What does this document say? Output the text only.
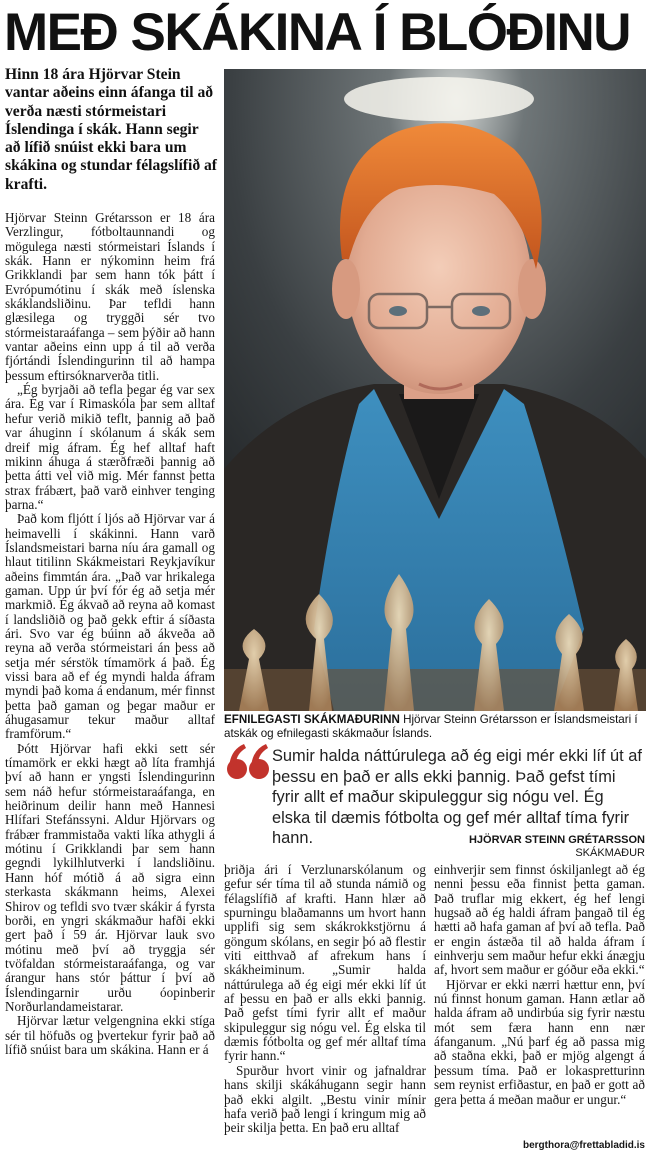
MEÐ SKÁKINA Í BLÓÐINU
Hinn 18 ára Hjörvar Stein vantar aðeins einn áfanga til að verða næsti stórmeistari Íslendinga í skák. Hann segir að lífið snúist ekki bara um skákina og stundar félagslífið af krafti.

Hjörvar Steinn Grétarsson er 18 ára Verzlingur, fótboltaunnandi og mögulega næsti stórmeistari Íslands í skák. Hann er nýkominn heim frá Grikklandi þar sem hann tók þátt í Evrópumótinu í skák með íslenska skáklandsliðinu. Þar tefldi hann glæsilega og tryggði sér tvo stórmeistaraáfanga – sem þýðir að hann vantar aðeins einn upp á til að verða fjórtándi Íslendingurinn til að hampa þessum eftirsóknarverða titli.

„Ég byrjaði að tefla þegar ég var sex ára. Ég var í Rimaskóla þar sem alltaf hefur verið mikið teflt, þannig að það var áhuginn í skólanum á skák sem dreif mig áfram. Ég hef alltaf haft mikinn áhuga á stærðfræði þannig að þetta átti vel við mig. Mér fannst þetta strax frábært, það varð einhver tenging þarna.“

Það kom fljótt í ljós að Hjörvar var á heimavelli í skákinni. Hann varð Íslandsmeistari barna níu ára gamall og hlaut titilinn Skákmeistari Reykjavíkur aðeins fimmtán ára. „Það var hrikalega gaman. Upp úr því fór ég að setja mér markmið. Ég ákvað að reyna að komast í landsliðið og það gekk eftir á síðasta ári. Svo var ég búinn að ákveða að reyna að verða stórmeistari án þess að setja mér sérstök tímamörk á það. Ég vissi bara að ef ég myndi halda áfram myndi það koma á endanum, mér finnst þetta það gaman og þegar maður er áhugasamur tekur maður alltaf framförum.“

Þótt Hjörvar hafi ekki sett sér tímamörk er ekki hægt að líta framhjá því að hann er yngsti Íslendingurinn sem náð hefur stórmeistaraáfanga, en heiðrinum deilir hann með Hannesi Hlífari Stefánssyni. Aldur Hjörvars og frábær frammistaða vakti líka athygli á mótinu í Grikklandi þar sem hann gegndi lykilhlutverki í landsliðinu. Hann hóf mótið á að sigra einn sterkasta skákmann heims, Alexei Shirov og tefldi svo tvær skákir á fyrsta borði, en yngri skákmaður hafði ekki gert það í 59 ár. Hjörvar lauk svo mótinu með því að tryggja sér tvöfaldan stórmeistaraáfanga, og var árangur hans stór þáttur í því að Íslendingarnir urðu óopinberir Norðurlandameistarar.

Hjörvar lætur velgengnina ekki stíga sér til höfuðs og þvertekur fyrir það að lífið snúist bara um skákina. Hann er á

EFNILEGASTI SKÁKMAÐURINN Hjörvar Steinn Grétarsson er Íslandsmeistari í atskák og efnilegasti skákmaður Íslands.
Sumir halda náttúrulega að ég eigi mér ekki líf út af þessu en það er alls ekki þannig. Það gefst tími fyrir allt ef maður skipuleggur sig nógu vel. Ég elska til dæmis fótbolta og gef mér alltaf tíma fyrir hann.	HJÖRVAR STEINN GRÉTARSSON
SKÁKMAÐUR

þriðja ári í Verzlunarskólanum og gefur sér tíma til að stunda námið og félagslífið af krafti. Hann hlær að spurningu blaðamanns um hvort hann upplifi sig sem skákrokkstjörnu á göngum skólans, en segir þó að flestir viti eitthvað af afrekum hans í skákheiminum. „Sumir halda náttúrulega að ég eigi mér ekki líf út af þessu en það er alls ekki þannig. Það gefst tími fyrir allt ef maður skipuleggur sig nógu vel. Ég elska til dæmis fótbolta og gef mér alltaf tíma fyrir hann.“

Spurður hvort vinir og jafnaldrar hans skilji skákáhugann segir hann það ekki algilt. „Bestu vinir mínir hafa verið það lengi í kringum mig að þeir skilja þetta. En það eru alltaf

einhverjir sem finnst óskiljanlegt að ég nenni þessu eða finnist þetta gaman. Það truflar mig ekkert, ég hef lengi hugsað að ég haldi áfram þangað til ég hætti að hafa gaman af því að tefla. Það er engin ástæða til að halda áfram í einhverju sem maður hefur ekki ánægju af, hvort sem maður er góður eða ekki.“

Hjörvar er ekki nærri hættur enn, því nú finnst honum gaman. Hann ætlar að halda áfram að undirbúa sig fyrir næstu mót sem færa hann enn nær áfanganum. „Nú þarf ég að passa mig að staðna ekki, það er mjög algengt á þessum tíma. Það er lokaspretturinn sem reynist erfiðastur, en það er gott að gera þetta á meðan maður er ungur.“

bergthora@frettabladid.is
